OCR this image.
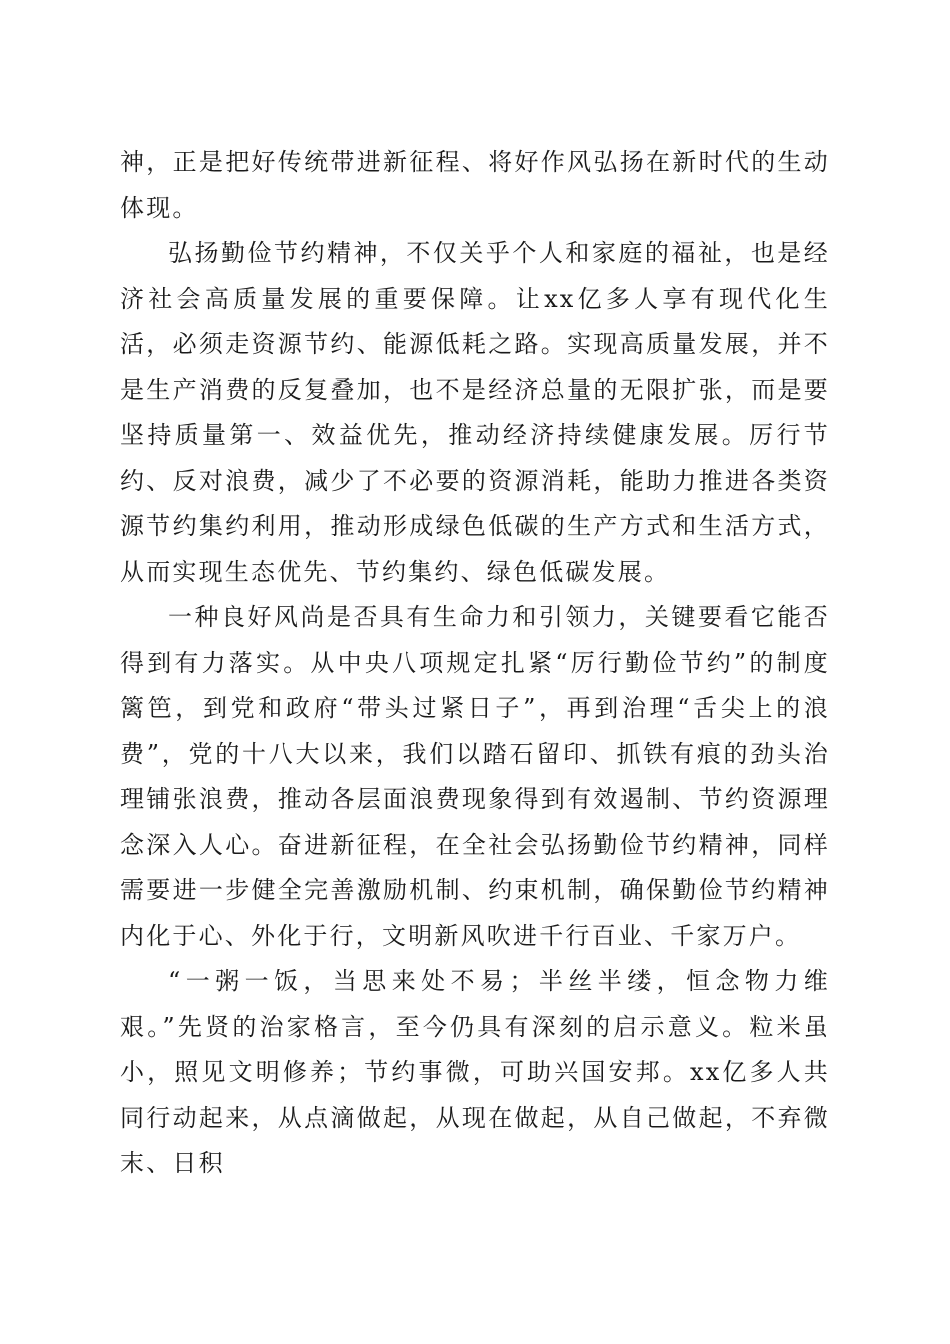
神，正是把好传统带进新征程、将好作风弘扬在新时代的生动体现。

弘扬勤俭节约精神，不仅关乎个人和家庭的福祉，也是经济社会高质量发展的重要保障。让xx亿多人享有现代化生活，必须走资源节约、能源低耗之路。实现高质量发展，并不是生产消费的反复叠加，也不是经济总量的无限扩张，而是要坚持质量第一、效益优先，推动经济持续健康发展。厉行节约、反对浪费，减少了不必要的资源消耗，能助力推进各类资源节约集约利用，推动形成绿色低碳的生产方式和生活方式，从而实现生态优先、节约集约、绿色低碳发展。

一种良好风尚是否具有生命力和引领力，关键要看它能否得到有力落实。从中央八项规定扎紧“厉行勤俭节约”的制度篱笆，到党和政府“带头过紧日子”，再到治理“舌尖上的浪费”，党的十八大以来，我们以踏石留印、抓铁有痕的劲头治理铺张浪费，推动各层面浪费现象得到有效遏制、节约资源理念深入人心。奋进新征程，在全社会弘扬勤俭节约精神，同样需要进一步健全完善激励机制、约束机制，确保勤俭节约精神内化于心、外化于行，文明新风吹进千行百业、千家万户。

“一粥一饭，当思来处不易；半丝半缕，恒念物力维艰。”先贤的治家格言，至今仍具有深刻的启示意义。粒米虽小，照见文明修养；节约事微，可助兴国安邦。xx亿多人共同行动起来，从点滴做起，从现在做起，从自己做起，不弃微末、日积
